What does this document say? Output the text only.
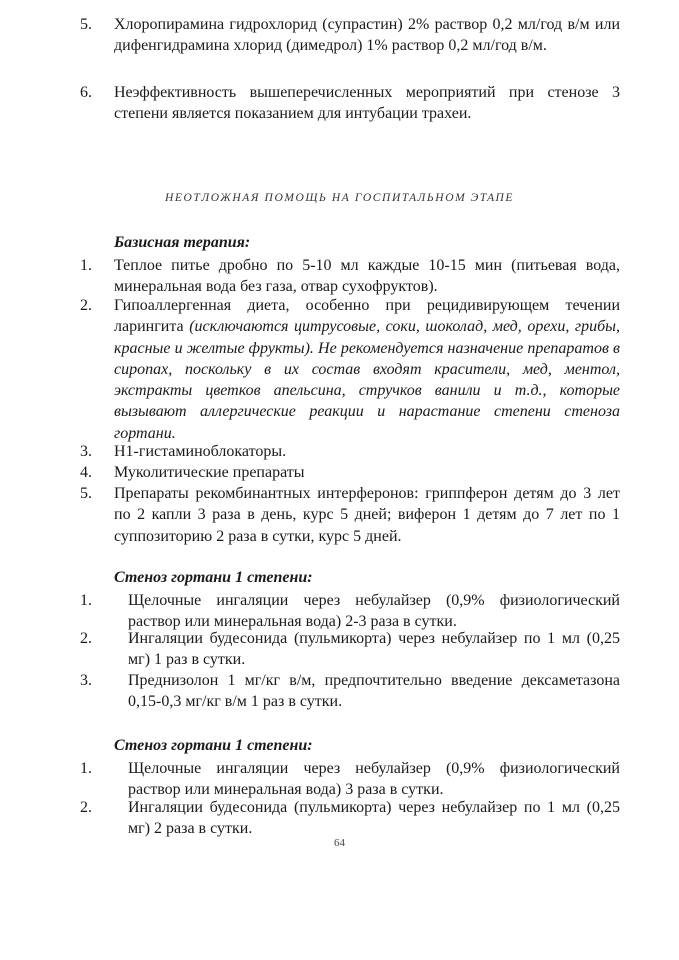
5.	Хлоропирамина гидрохлорид (супрастин) 2% раствор 0,2 мл/год в/м или дифенгидрамина хлорид (димедрол) 1% раствор 0,2 мл/год в/м.
6.	Неэффективность вышеперечисленных мероприятий при стенозе 3 степени является показанием для интубации трахеи.
НЕОТЛОЖНАЯ ПОМОЩЬ НА ГОСПИТАЛЬНОМ ЭТАПЕ
Базисная терапия:
1.	Теплое питье дробно по 5-10 мл каждые 10-15 мин (питьевая вода, минеральная вода без газа, отвар сухофруктов).
2.	Гипоаллергенная диета, особенно при рецидивирующем течении ларингита (исключаются цитрусовые, соки, шоколад, мед, орехи, грибы, красные и желтые фрукты). Не рекомендуется назначение препаратов в сиропах, поскольку в их состав входят красители, мед, ментол, экстракты цветков апельсина, стручков ванили и т.д., которые вызывают аллергические реакции и нарастание степени стеноза гортани.
3.	Н1-гистаминоблокаторы.
4.	Муколитические препараты
5.	Препараты рекомбинантных интерферонов: гриппферон детям до 3 лет по 2 капли 3 раза в день, курс 5 дней; виферон 1 детям до 7 лет по 1 суппозиторию 2 раза в сутки, курс 5 дней.
Стеноз гортани 1 степени:
1.	Щелочные ингаляции через небулайзер (0,9% физиологический раствор или минеральная вода) 2-3 раза в сутки.
2.	Ингаляции будесонида (пульмикорта) через небулайзер по 1 мл (0,25 мг) 1 раз в сутки.
3.	Преднизолон 1 мг/кг в/м, предпочтительно введение дексаметазона 0,15-0,3 мг/кг в/м 1 раз в сутки.
Стеноз гортани 1 степени:
1.	Щелочные ингаляции через небулайзер (0,9% физиологический раствор или минеральная вода) 3 раза в сутки.
2.	Ингаляции будесонида (пульмикорта) через небулайзер по 1 мл (0,25 мг) 2 раза в сутки.
64
